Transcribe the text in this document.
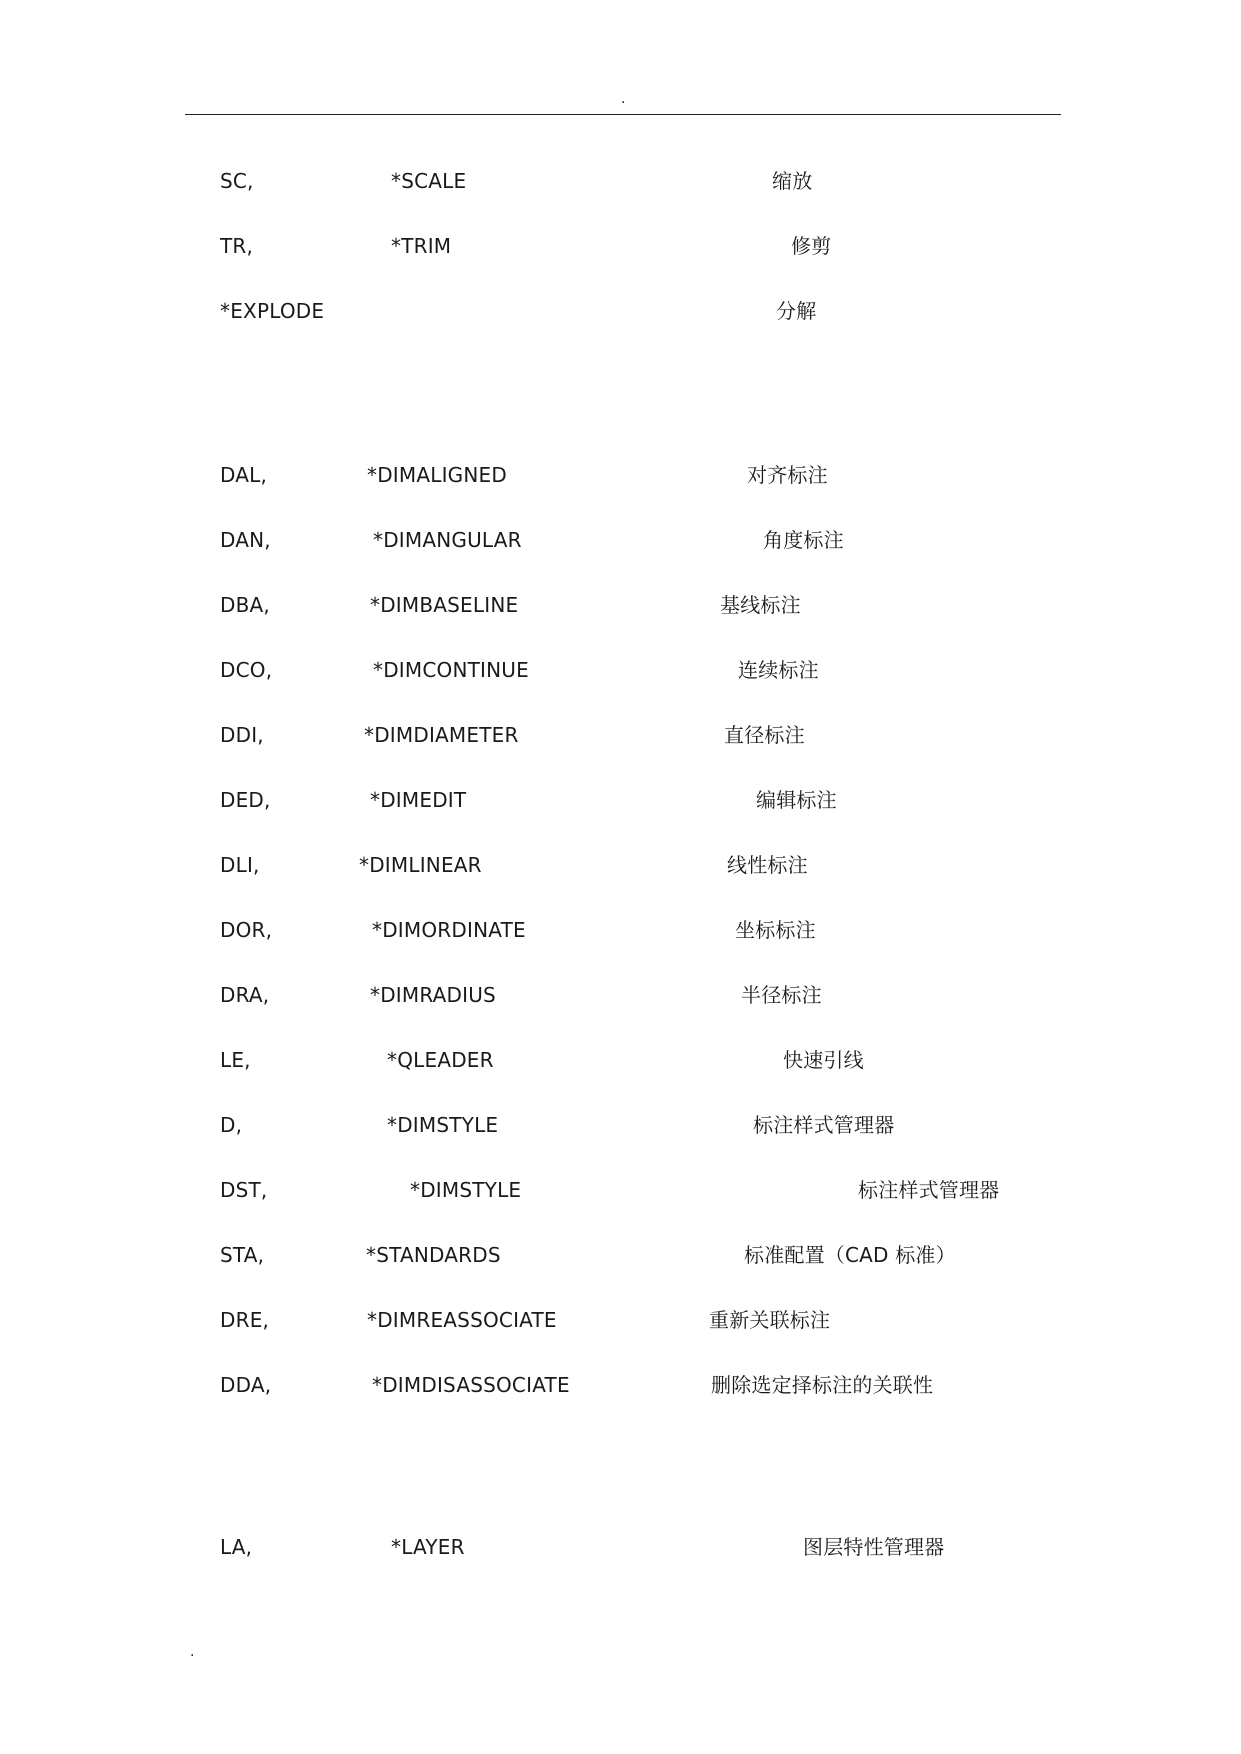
.
SC,	*SCALE	缩放
TR,	*TRIM	修剪
*EXPLODE	分解
DAL,	*DIMALIGNED	对齐标注
DAN,	*DIMANGULAR	角度标注
DBA,	*DIMBASELINE	基线标注
DCO,	*DIMCONTINUE	连续标注
DDI,	*DIMDIAMETER	直径标注
DED,	*DIMEDIT	编辑标注
DLI,	*DIMLINEAR	线性标注
DOR,	*DIMORDINATE	坐标标注
DRA,	*DIMRADIUS	半径标注
LE,	*QLEADER	快速引线
D,	*DIMSTYLE	标注样式管理器
DST,	*DIMSTYLE	标注样式管理器
STA,	*STANDARDS	标准配置（CAD 标准）
DRE,	*DIMREASSOCIATE	重新关联标注
DDA,	*DIMDISASSOCIATE	删除选定择标注的关联性
LA,	*LAYER	图层特性管理器
.
